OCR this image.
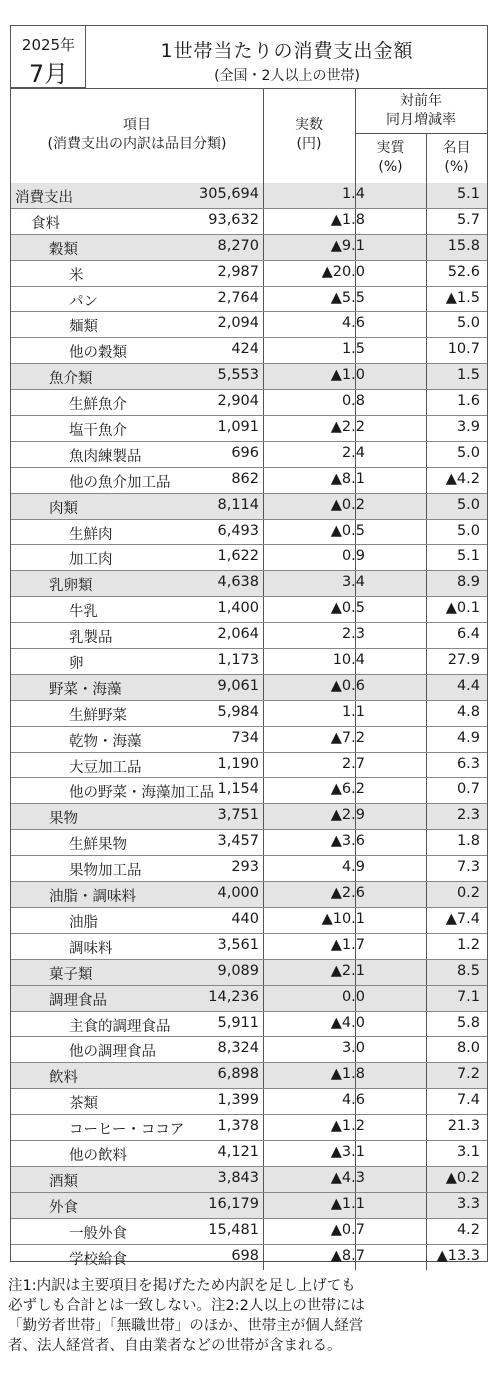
2025年
7月
1世帯当たりの消費支出金額
(全国・2人以上の世帯)
項目
(消費支出の内訳は品目分類)
実数
(円)
対前年
同月増減率
実質
(%)
名目
(%)
消費支出	305,694	1.4	5.1
食料	93,632	▲1.8	5.7
穀類	8,270	▲9.1	15.8
米	2,987	▲20.0	52.6
パン	2,764	▲5.5	▲1.5
麺類	2,094	4.6	5.0
他の穀類	424	1.5	10.7
魚介類	5,553	▲1.0	1.5
生鮮魚介	2,904	0.8	1.6
塩干魚介	1,091	▲2.2	3.9
魚肉練製品	696	2.4	5.0
他の魚介加工品	862	▲8.1	▲4.2
肉類	8,114	▲0.2	5.0
生鮮肉	6,493	▲0.5	5.0
加工肉	1,622	0.9	5.1
乳卵類	4,638	3.4	8.9
牛乳	1,400	▲0.5	▲0.1
乳製品	2,064	2.3	6.4
卵	1,173	10.4	27.9
野菜・海藻	9,061	▲0.6	4.4
生鮮野菜	5,984	1.1	4.8
乾物・海藻	734	▲7.2	4.9
大豆加工品	1,190	2.7	6.3
他の野菜・海藻加工品 1,154	▲6.2	0.7
果物	3,751	▲2.9	2.3
生鮮果物	3,457	▲3.6	1.8
果物加工品	293	4.9	7.3
油脂・調味料	4,000	▲2.6	0.2
油脂	440	▲10.1	▲7.4
調味料	3,561	▲1.7	1.2
菓子類	9,089	▲2.1	8.5
調理食品	14,236	0.0	7.1
主食的調理食品	5,911	▲4.0	5.8
他の調理食品	8,324	3.0	8.0
飲料	6,898	▲1.8	7.2
茶類	1,399	4.6	7.4
コーヒー・ココア	1,378	▲1.2	21.3
他の飲料	4,121	▲3.1	3.1
酒類	3,843	▲4.3	▲0.2
外食	16,179	▲1.1	3.3
一般外食	15,481	▲0.7	4.2
学校給食	698	▲8.7	▲13.3
注1:内訳は主要項目を掲げたため内訳を足し上げても
必ずしも合計とは一致しない。注2:2人以上の世帯には
「勤労者世帯」「無職世帯」のほか、世帯主が個人経営
者、法人経営者、自由業者などの世帯が含まれる。
